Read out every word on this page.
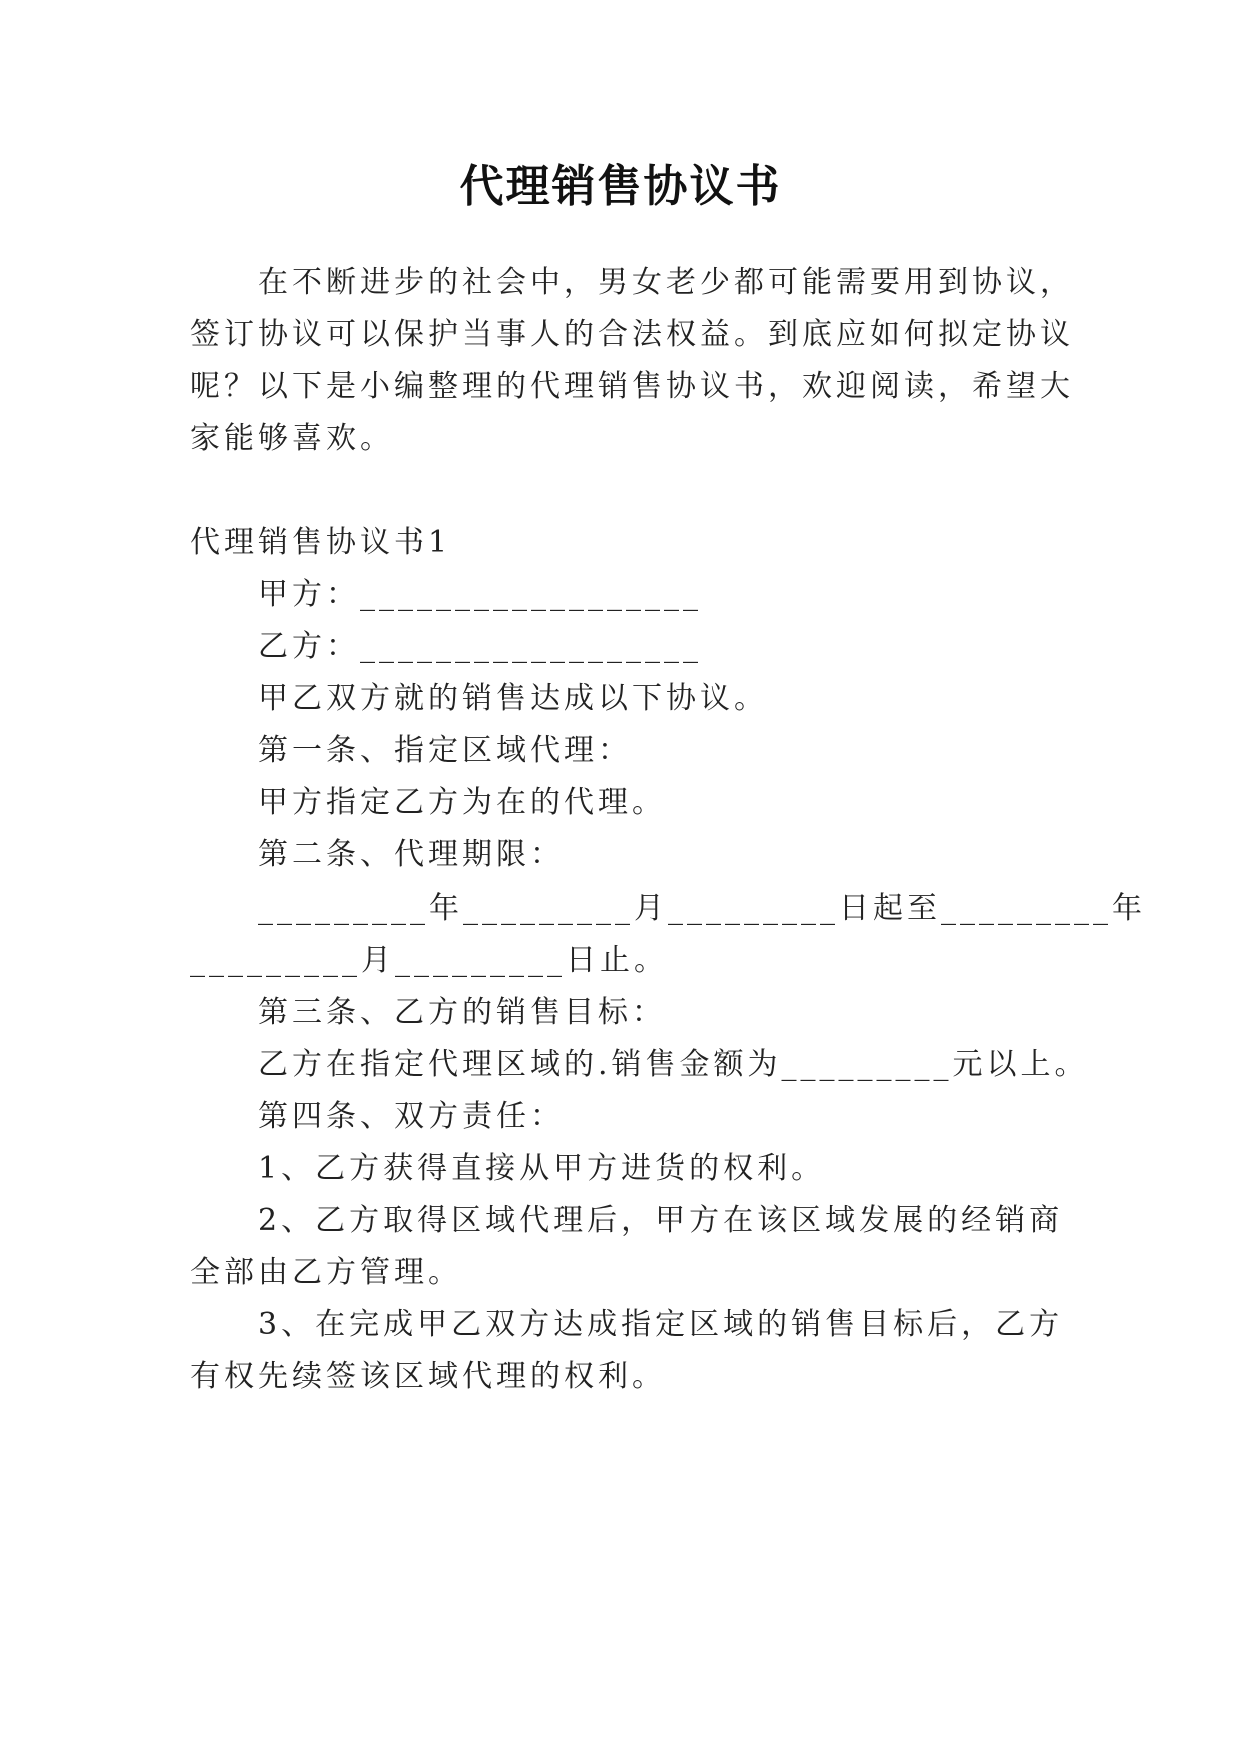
代理销售协议书
在不断进步的社会中，男女老少都可能需要用到协议，
签订协议可以保护当事人的合法权益。到底应如何拟定协议
呢？以下是小编整理的代理销售协议书，欢迎阅读，希望大
家能够喜欢。
代理销售协议书1
甲方：__________________
乙方：__________________
甲乙双方就的销售达成以下协议。
第一条、指定区域代理：
甲方指定乙方为在的代理。
第二条、代理期限：
_________年_________月_________日起至_________年
_________月_________日止。
第三条、乙方的销售目标：
乙方在指定代理区域的.销售金额为_________元以上。
第四条、双方责任：
1、乙方获得直接从甲方进货的权利。
2、乙方取得区域代理后，甲方在该区域发展的经销商
全部由乙方管理。
3、在完成甲乙双方达成指定区域的销售目标后，乙方
有权先续签该区域代理的权利。
